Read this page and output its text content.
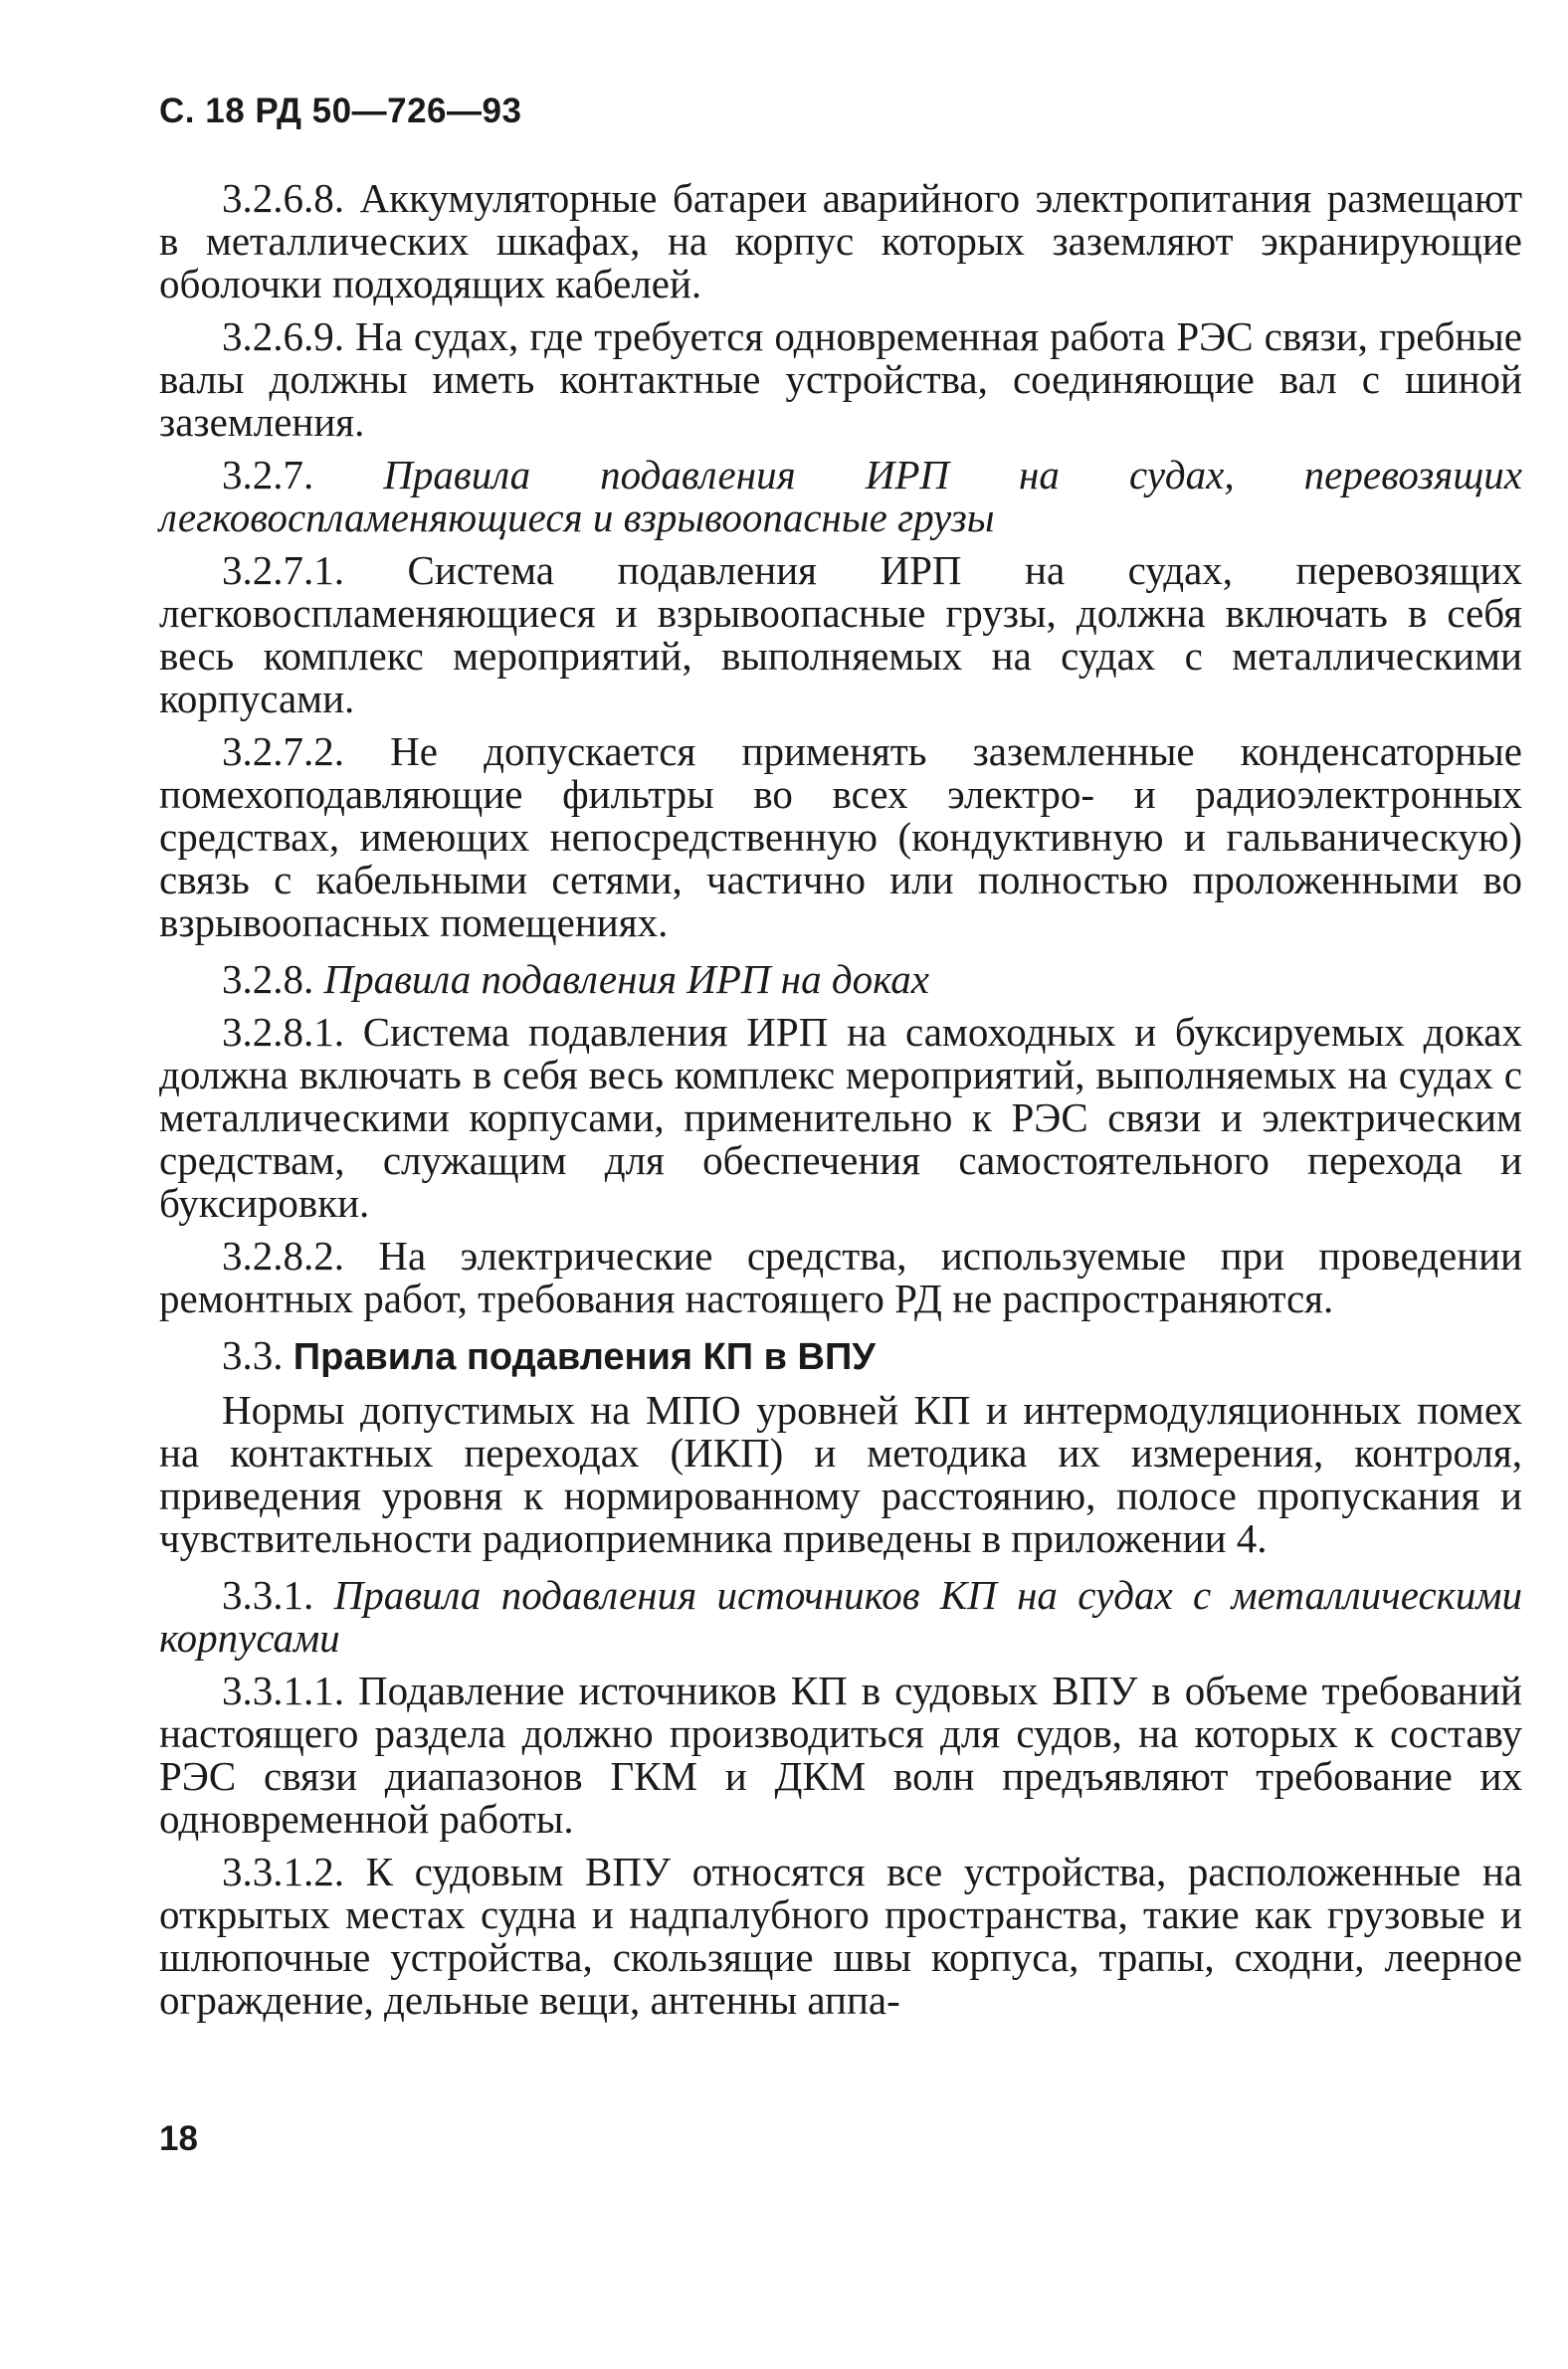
С. 18 РД 50—726—93

3.2.6.8. Аккумуляторные батареи аварийного электропитания размещают в металлических шкафах, на корпус которых заземляют экранирующие оболочки подходящих кабелей.

3.2.6.9. На судах, где требуется одновременная работа РЭС связи, гребные валы должны иметь контактные устройства, соединяющие вал с шиной заземления.

3.2.7. Правила подавления ИРП на судах, перевозящих легковоспламеняющиеся и взрывоопасные грузы

3.2.7.1. Система подавления ИРП на судах, перевозящих легковоспламеняющиеся и взрывоопасные грузы, должна включать в себя весь комплекс мероприятий, выполняемых на судах с металлическими корпусами.

3.2.7.2. Не допускается применять заземленные конденсаторные помехоподавляющие фильтры во всех электро- и радиоэлектронных средствах, имеющих непосредственную (кондуктивную и гальваническую) связь с кабельными сетями, частично или полностью проложенными во взрывоопасных помещениях.

3.2.8. Правила подавления ИРП на доках

3.2.8.1. Система подавления ИРП на самоходных и буксируемых доках должна включать в себя весь комплекс мероприятий, выполняемых на судах с металлическими корпусами, применительно к РЭС связи и электрическим средствам, служащим для обеспечения самостоятельного перехода и буксировки.

3.2.8.2. На электрические средства, используемые при проведении ремонтных работ, требования настоящего РД не распространяются.

3.3. Правила подавления КП в ВПУ

Нормы допустимых на МПО уровней КП и интермодуляционных помех на контактных переходах (ИКП) и методика их измерения, контроля, приведения уровня к нормированному расстоянию, полосе пропускания и чувствительности радиоприемника приведены в приложении 4.

3.3.1. Правила подавления источников КП на судах с металлическими корпусами

3.3.1.1. Подавление источников КП в судовых ВПУ в объеме требований настоящего раздела должно производиться для судов, на которых к составу РЭС связи диапазонов ГКМ и ДКМ волн предъявляют требование их одновременной работы.

3.3.1.2. К судовым ВПУ относятся все устройства, расположенные на открытых местах судна и надпалубного пространства, такие как грузовые и шлюпочные устройства, скользящие швы корпуса, трапы, сходни, леерное ограждение, дельные вещи, антенны аппа-

18
